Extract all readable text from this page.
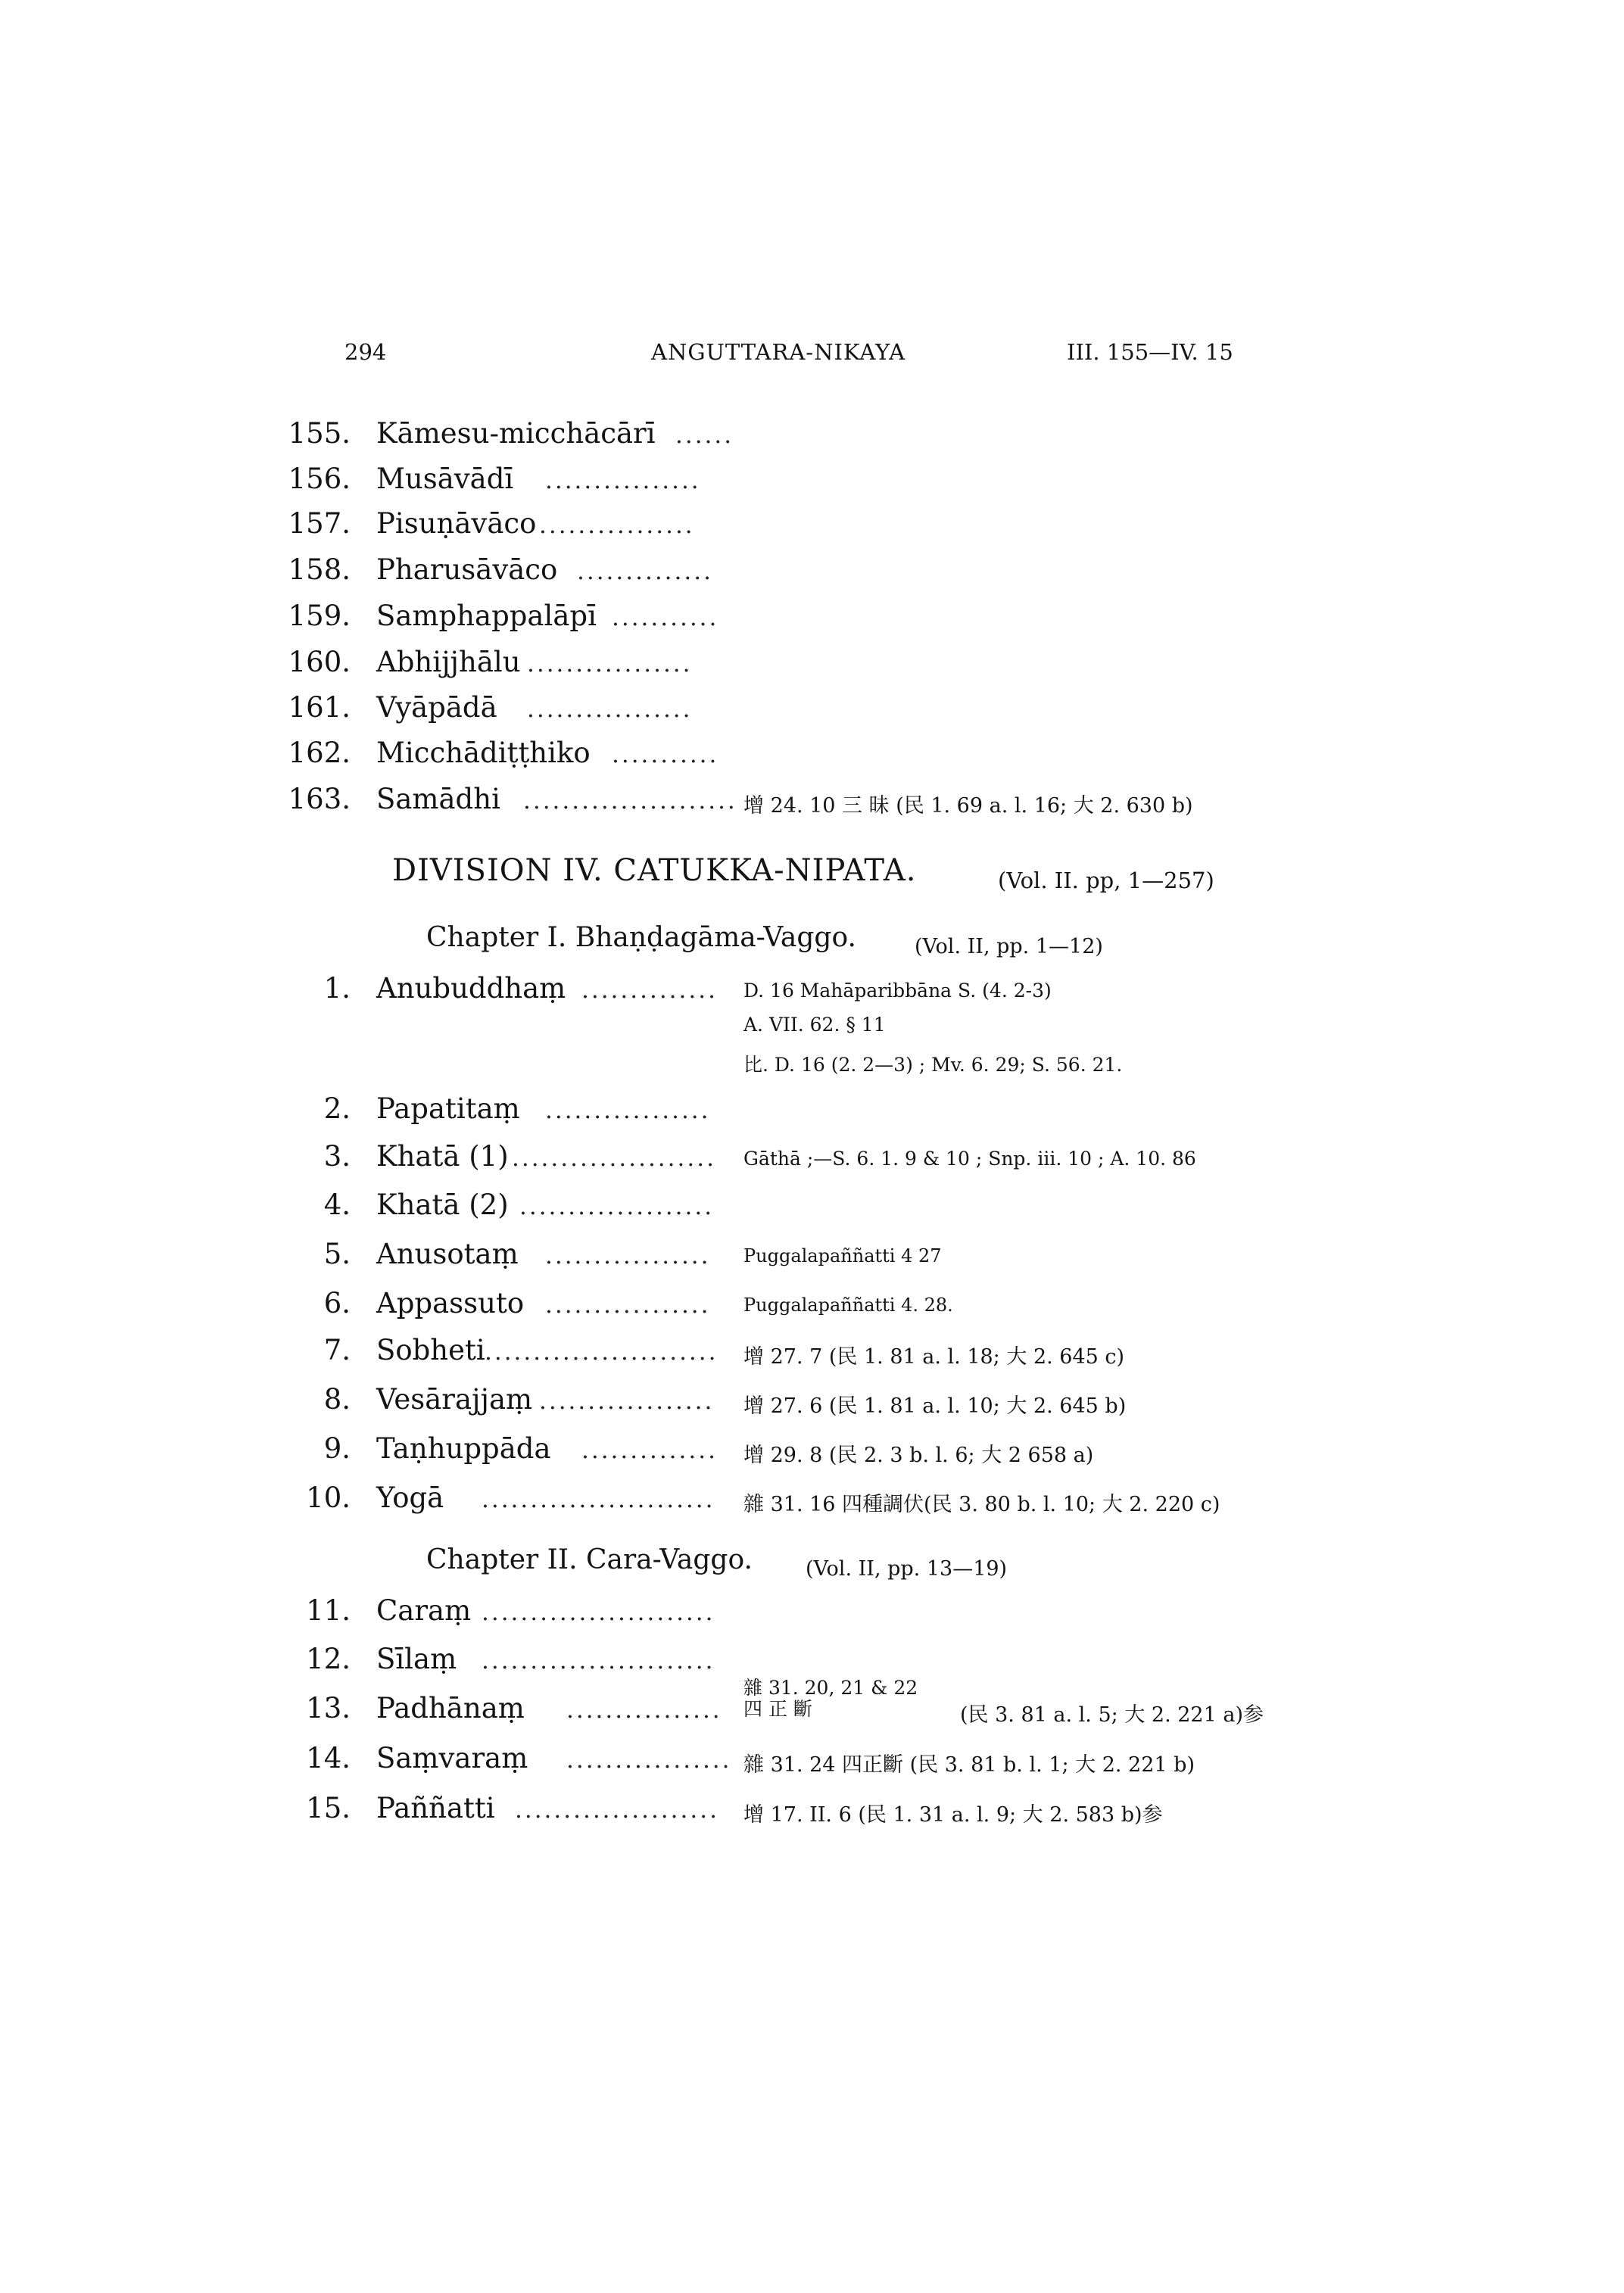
294	ANGUTTARA-NIKAYA	III. 155—IV. 15
155. Kāmesu-micchācārī ......
156. Musāvādī ................
157. Pisuṇāvāco ................
158. Pharusāvāco ..............
159. Samphappalāpī ...........
160. Abhijjhālu .................
161. Vyāpādā .................
162. Micchādiṭṭhiko ...........
163. Samādhi ...................... 增 24. 10 三 昧 (民 1. 69 a. l. 16; 大 2. 630 b)
DIVISION IV. CATUKKA-NIPATA.	(Vol. II. pp, 1—257)
Chapter I. Bhaṇḍagāma-Vaggo.	(Vol. II, pp. 1—12)
1. Anubuddhaṃ .............. D. 16 Mahāparibbāna S. (4. 2-3)
A. VII. 62. § 11
比. D. 16 (2. 2—3) ; Mv. 6. 29; S. 56. 21.
2. Papatitaṃ .................
3. Khatā (1) ..................... Gāthā ;—S. 6. 1. 9 & 10 ; Snp. iii. 10 ; A. 10. 86
4. Khatā (2) ....................
5. Anusotaṃ ................. Puggalapaññatti 4 27
6. Appassuto ................. Puggalapaññatti 4. 28.
7. Sobheti ........................ 增 27. 7 (民 1. 81 a. l. 18; 大 2. 645 c)
8. Vesārajjaṃ .................. 增 27. 6 (民 1. 81 a. l. 10; 大 2. 645 b)
9. Taṇhuppāda .............. 增 29. 8 (民 2. 3 b. l. 6; 大 2 658 a)
10. Yogā ........................ 雜 31. 16 四種調伏(民 3. 80 b. l. 10; 大 2. 220 c)
Chapter II. Cara-Vaggo.	(Vol. II, pp. 13—19)
11. Caraṃ ........................
12. Sīlaṃ ........................
13. Padhānaṃ ................
雜 31. 20, 21 & 22
四 正 斷	(民 3. 81 a. l. 5; 大 2. 221 a)参
14. Saṃvaraṃ ................. 雜 31. 24 四正斷 (民 3. 81 b. l. 1; 大 2. 221 b)
15. Paññatti ..................... 增 17. II. 6 (民 1. 31 a. l. 9; 大 2. 583 b)参
